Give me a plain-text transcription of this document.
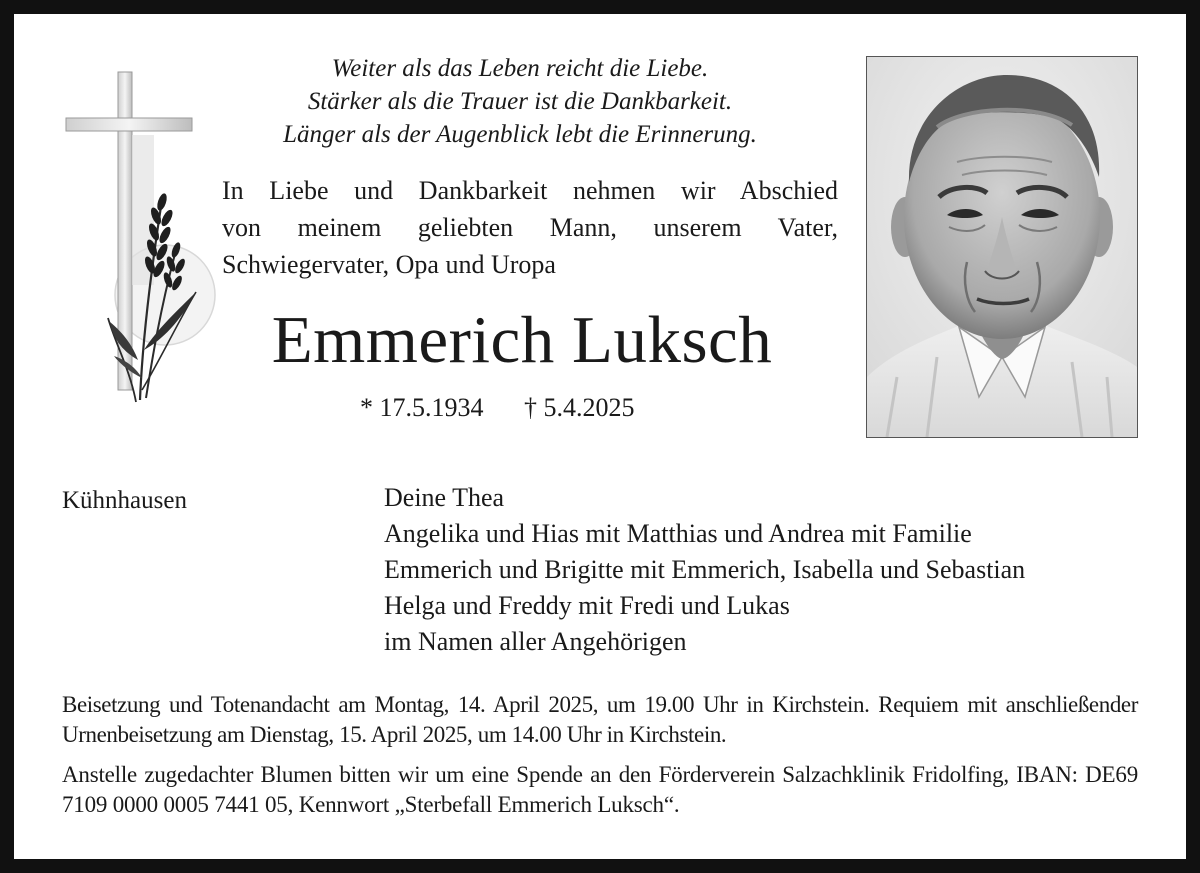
Weiter als das Leben reicht die Liebe.
Stärker als die Trauer ist die Dankbarkeit.
Länger als der Augenblick lebt die Erinnerung.
In Liebe und Dankbarkeit nehmen wir Abschied
von meinem geliebten Mann, unserem Vater,
Schwiegervater, Opa und Uropa
Emmerich Luksch
* 17.5.1934 † 5.4.2025
Kühnhausen	Deine Thea
Angelika und Hias mit Matthias und Andrea mit Familie
Emmerich und Brigitte mit Emmerich, Isabella und Sebastian
Helga und Freddy mit Fredi und Lukas
im Namen aller Angehörigen
Beisetzung und Totenandacht am Montag, 14. April 2025, um 19.00 Uhr in Kirchstein. Requiem mit anschließender Urnenbeisetzung am Dienstag, 15. April 2025, um 14.00 Uhr in Kirchstein.
Anstelle zugedachter Blumen bitten wir um eine Spende an den Förderverein Salzachklinik Fridolfing, IBAN: DE69 7109 0000 0005 7441 05, Kennwort „Sterbefall Emmerich Luksch“.
